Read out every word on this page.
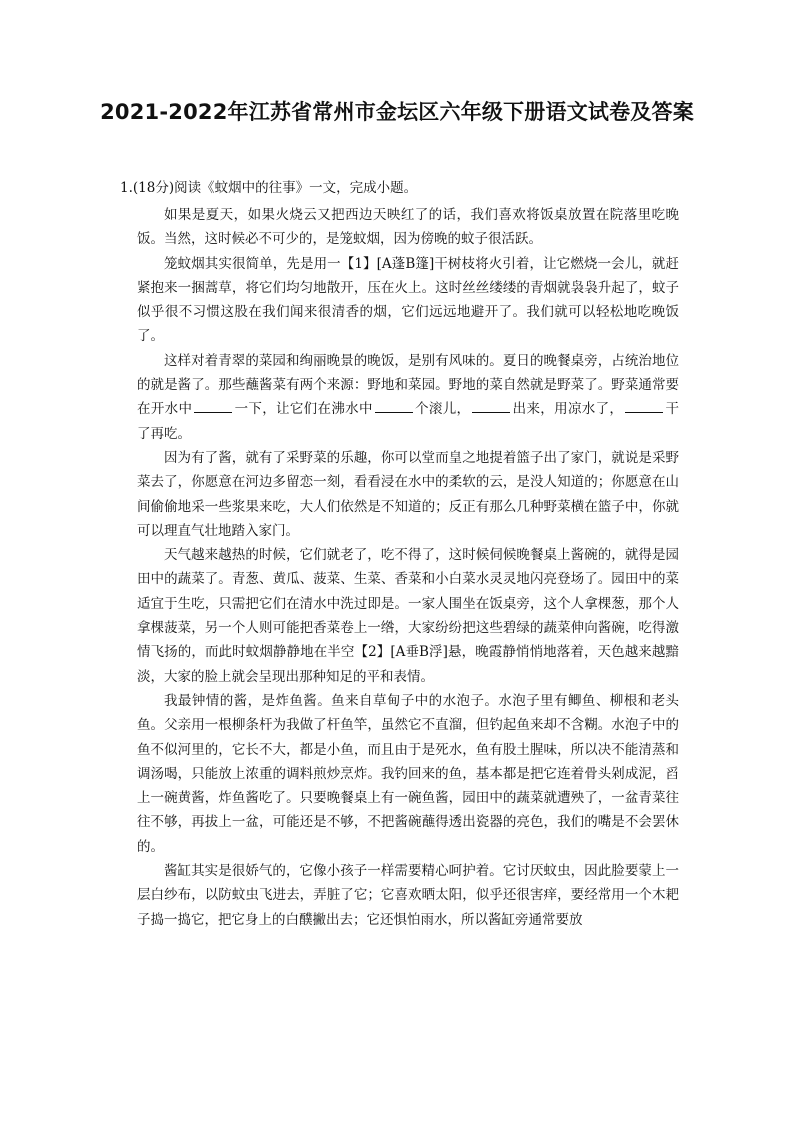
2021-2022年江苏省常州市金坛区六年级下册语文试卷及答案
1.(18分)阅读《蚊烟中的往事》一文，完成小题。

如果是夏天，如果火烧云又把西边天映红了的话，我们喜欢将饭桌放置在院落里吃晚饭。当然，这时候必不可少的，是笼蚊烟，因为傍晚的蚊子很活跃。

笼蚊烟其实很简单，先是用一【1】[A蓬B篷]干树枝将火引着，让它燃烧一会儿，就赶紧抱来一捆蒿草，将它们均匀地散开，压在火上。这时丝丝缕缕的青烟就袅袅升起了，蚊子似乎很不习惯这股在我们闻来很清香的烟，它们远远地避开了。我们就可以轻松地吃晚饭了。

这样对着青翠的菜园和绚丽晚景的晚饭，是别有风味的。夏日的晚餐桌旁，占统治地位的就是酱了。那些蘸酱菜有两个来源：野地和菜园。野地的菜自然就是野菜了。野菜通常要在开水中	一下，让它们在沸水中	个滚儿，	出来，用凉水了，	干了再吃。

因为有了酱，就有了采野菜的乐趣，你可以堂而皇之地提着篮子出了家门，就说是采野菜去了，你愿意在河边多留恋一刻，看看浸在水中的柔软的云，是没人知道的；你愿意在山间偷偷地采一些浆果来吃，大人们依然是不知道的；反正有那么几种野菜横在篮子中，你就可以理直气壮地踏入家门。

天气越来越热的时候，它们就老了，吃不得了，这时候伺候晚餐桌上酱碗的，就得是园田中的蔬菜了。青葱、黄瓜、菠菜、生菜、香菜和小白菜水灵灵地闪亮登场了。园田中的菜适宜于生吃，只需把它们在清水中洗过即是。一家人围坐在饭桌旁，这个人拿棵葱，那个人拿棵菠菜，另一个人则可能把香菜卷上一绺，大家纷纷把这些碧绿的蔬菜伸向酱碗，吃得激情飞扬的，而此时蚊烟静静地在半空【2】[A垂B浮]悬，晚霞静悄悄地落着，天色越来越黯淡，大家的脸上就会呈现出那种知足的平和表情。

我最钟情的酱，是炸鱼酱。鱼来自草甸子中的水泡子。水泡子里有鲫鱼、柳根和老头鱼。父亲用一根柳条杆为我做了杆鱼竿，虽然它不直溜，但钓起鱼来却不含糊。水泡子中的鱼不似河里的，它长不大，都是小鱼，而且由于是死水，鱼有股土腥味，所以决不能清蒸和调汤喝，只能放上浓重的调料煎炒烹炸。我钓回来的鱼，基本都是把它连着骨头剁成泥，舀上一碗黄酱，炸鱼酱吃了。只要晚餐桌上有一碗鱼酱，园田中的蔬菜就遭殃了，一盆青菜往往不够，再拔上一盆，可能还是不够，不把酱碗蘸得透出瓷器的亮色，我们的嘴是不会罢休的。

酱缸其实是很娇气的，它像小孩子一样需要精心呵护着。它讨厌蚊虫，因此脸要蒙上一层白纱布，以防蚊虫飞进去，弄脏了它；它喜欢晒太阳，似乎还很害痒，要经常用一个木耙子捣一捣它，把它身上的白醭撇出去；它还惧怕雨水，所以酱缸旁通常要放
